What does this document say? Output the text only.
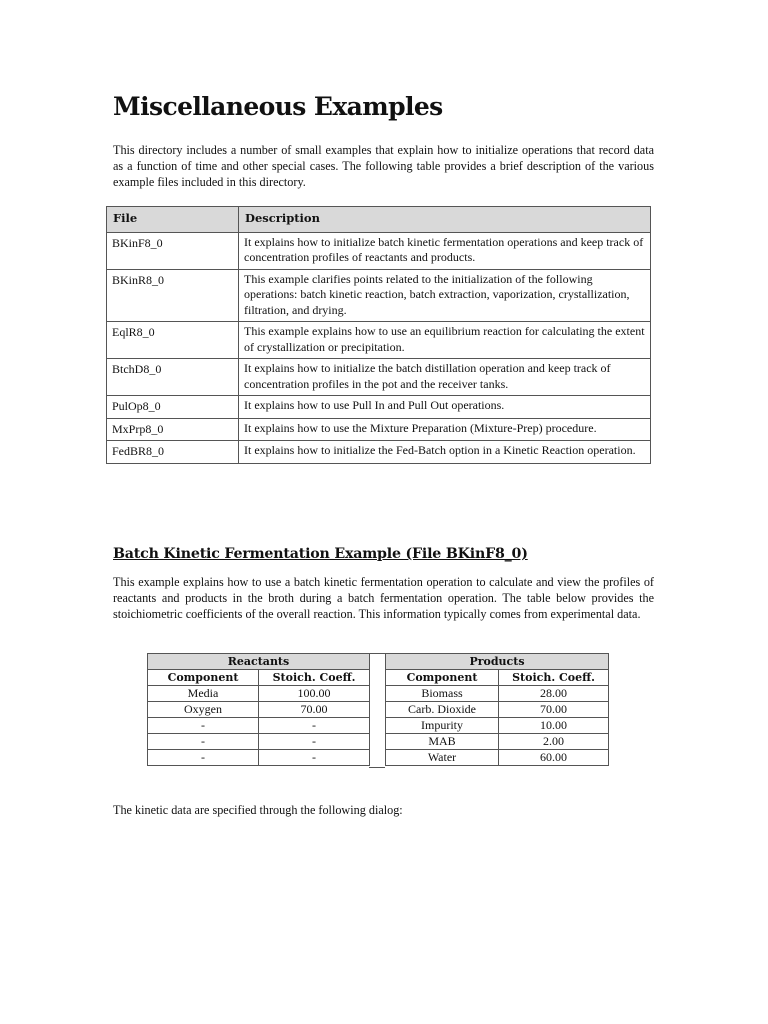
Miscellaneous Examples

This directory includes a number of small examples that explain how to initialize operations that record data as a function of time and other special cases. The following table provides a brief description of the various example files included in this directory.

File	Description
BKinF8_0	It explains how to initialize batch kinetic fermentation operations and keep track of concentration profiles of reactants and products.
BKinR8_0	This example clarifies points related to the initialization of the following operations: batch kinetic reaction, batch extraction, vaporization, crystallization, filtration, and drying.
EqlR8_0	This example explains how to use an equilibrium reaction for calculating the extent of crystallization or precipitation.
BtchD8_0	It explains how to initialize the batch distillation operation and keep track of concentration profiles in the pot and the receiver tanks.
PulOp8_0	It explains how to use Pull In and Pull Out operations.
MxPrp8_0	It explains how to use the Mixture Preparation (Mixture-Prep) procedure.
FedBR8_0	It explains how to initialize the Fed-Batch option in a Kinetic Reaction operation.
Batch Kinetic Fermentation Example (File BKinF8_0)

This example explains how to use a batch kinetic fermentation operation to calculate and view the profiles of reactants and products in the broth during a batch fermentation operation. The table below provides the stoichiometric coefficients of the overall reaction. This information typically comes from experimental data.

Reactants	
Component	Stoich. Coeff.
Media	100.00
Oxygen	70.00
-	-
-	-
-	-
Products	
Component	Stoich. Coeff.
Biomass	28.00
Carb. Dioxide	70.00
Impurity	10.00
MAB	2.00
Water	60.00

The kinetic data are specified through the following dialog:
